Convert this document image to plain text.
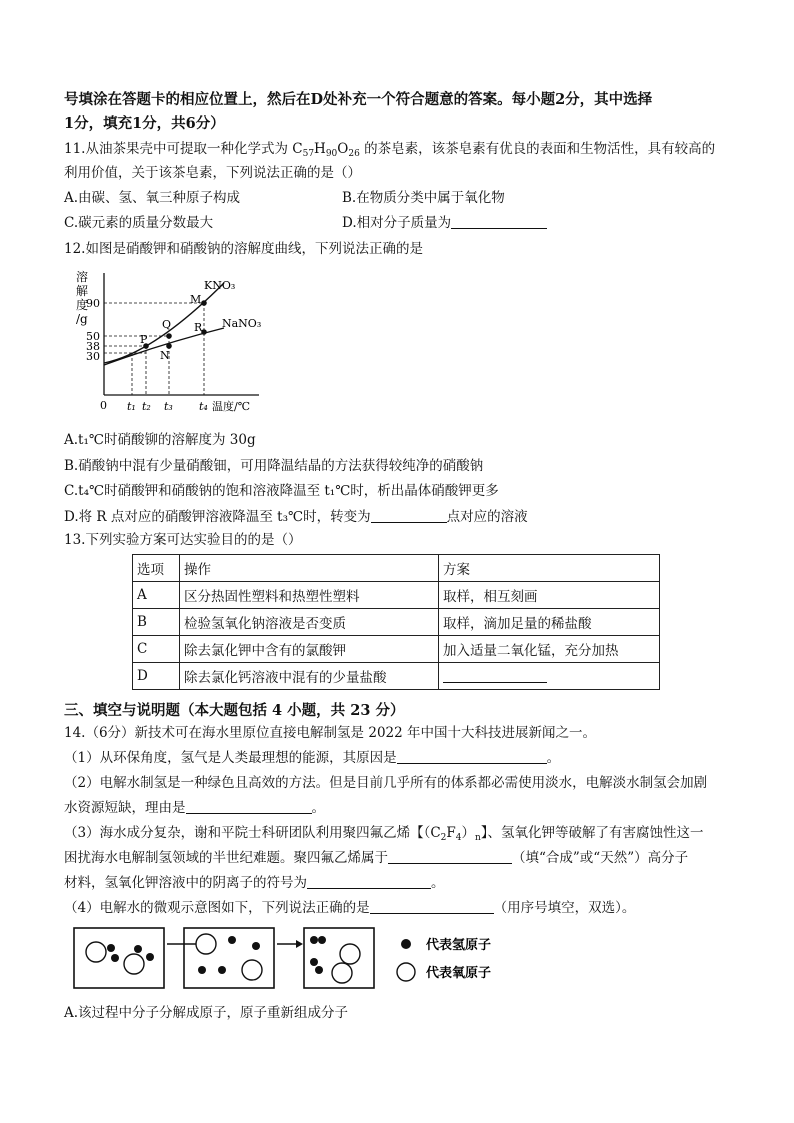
号填涂在答题卡的相应位置上，然后在D处补充一个符合题意的答案。每小题2分，其中选择
1分，填充1分，共6分）
11.从油茶果壳中可提取一种化学式为 $C_{57}H_{90}O_{26}$ 的茶皂素，该茶皂素有优良的表面和生物活性，具有较高的
利用价值，关于该茶皂素，下列说法正确的是（）
A.由碳、氢、氧三种原子构成	B.在物质分类中属于氧化物
C.碳元素的质量分数最大	D.相对分子质量为
12.如图是硝酸钾和硝酸钠的溶解度曲线，下列说法正确的是
溶
解
度
/g
90
50
38
30
KNO₃
NaNO₃
P
Q
N
M
R
0 t₁ t₂ t₃ t₄ 温度/℃
A.t₁℃时硝酸铆的溶解度为 30g
B.硝酸钠中混有少量硝酸钿，可用降温结晶的方法获得较纯净的硝酸钠
C.t₄℃时硝酸钾和硝酸钠的饱和溶液降温至 t₁℃时，析出晶体硝酸钾更多
D.将 R 点对应的硝酸钾溶液降温至 t₃℃时，转变为	点对应的溶液
13.下列实验方案可达实验目的的是（）
选项	操作	方案
A	区分热固性塑料和热塑性塑料	取样，相互刻画
B	检验氢氧化钠溶液是否变质	取样，滴加足量的稀盐酸
C	除去氯化钾中含有的氯酸钾	加入适量二氧化锰，充分加热
D	除去氯化钙溶液中混有的少量盐酸	
三、填空与说明题（本大题包括 4 小题，共 23 分）
14.（6分）新技术可在海水里原位直接电解制氢是 2022 年中国十大科技进展新闻之一。
（1）从环保角度，氢气是人类最理想的能源，其原因是	。
（2）电解水制氢是一种绿色且高效的方法。但是目前几乎所有的体系都必需使用淡水，电解淡水制氢会加剧
水资源短缺，理由是	。
（3）海水成分复杂，谢和平院士科研团队利用聚四氟乙烯【$(C_2F_4)_n$】、氢氧化钾等破解了有害腐蚀性这一
困扰海水电解制氢领域的半世纪难题。聚四氟乙烯属于	（填“合成”或“天然”）高分子
材料，氢氧化钾溶液中的阴离子的符号为	。
（4）电解水的微观示意图如下，下列说法正确的是	（用序号填空，双选）。
代表氢原子
代表氧原子
A.该过程中分子分解成原子，原子重新组成分子
